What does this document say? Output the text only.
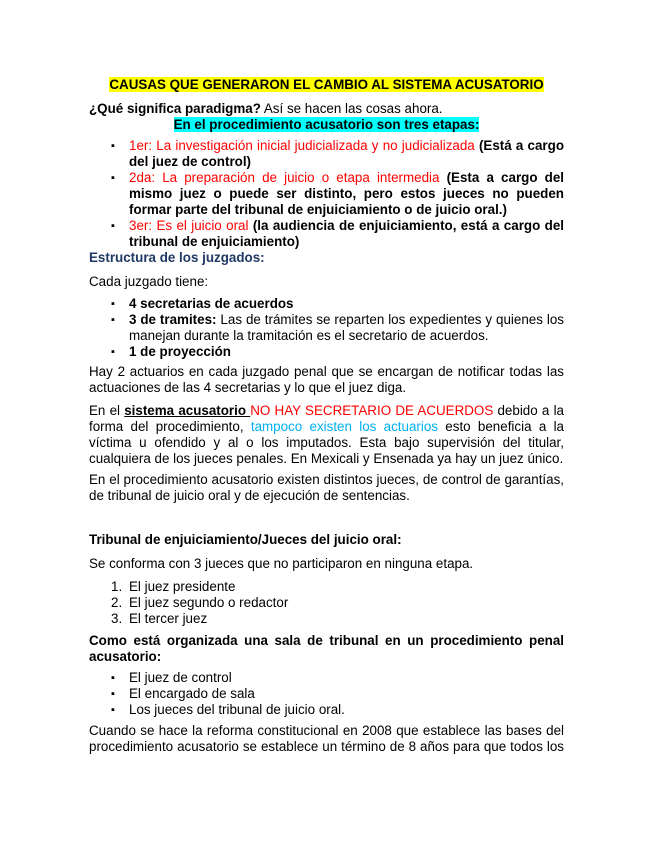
CAUSAS QUE GENERARON EL CAMBIO AL SISTEMA ACUSATORIO
¿Qué significa paradigma? Así se hacen las cosas ahora.
En el procedimiento acusatorio son tres etapas:
▪ 1er: La investigación inicial judicializada y no judicializada (Está a cargo del juez de control)
▪ 2da: La preparación de juicio o etapa intermedia (Esta a cargo del mismo juez o puede ser distinto, pero estos jueces no pueden formar parte del tribunal de enjuiciamiento o de juicio oral.)
▪ 3er: Es el juicio oral (la audiencia de enjuiciamiento, está a cargo del tribunal de enjuiciamiento)
Estructura de los juzgados:
Cada juzgado tiene:
▪ 4 secretarias de acuerdos
▪ 3 de tramites: Las de trámites se reparten los expedientes y quienes los manejan durante la tramitación es el secretario de acuerdos.
▪ 1 de proyección
Hay 2 actuarios en cada juzgado penal que se encargan de notificar todas las actuaciones de las 4 secretarias y lo que el juez diga.
En el sistema acusatorio NO HAY SECRETARIO DE ACUERDOS debido a la forma del procedimiento, tampoco existen los actuarios esto beneficia a la víctima u ofendido y al o los imputados. Esta bajo supervisión del titular, cualquiera de los jueces penales. En Mexicali y Ensenada ya hay un juez único.
En el procedimiento acusatorio existen distintos jueces, de control de garantías, de tribunal de juicio oral y de ejecución de sentencias.
Tribunal de enjuiciamiento/Jueces del juicio oral:
Se conforma con 3 jueces que no participaron en ninguna etapa.
1. El juez presidente
2. El juez segundo o redactor
3. El tercer juez
Como está organizada una sala de tribunal en un procedimiento penal acusatorio:
▪ El juez de control
▪ El encargado de sala
▪ Los jueces del tribunal de juicio oral.
Cuando se hace la reforma constitucional en 2008 que establece las bases del procedimiento acusatorio se establece un término de 8 años para que todos los
